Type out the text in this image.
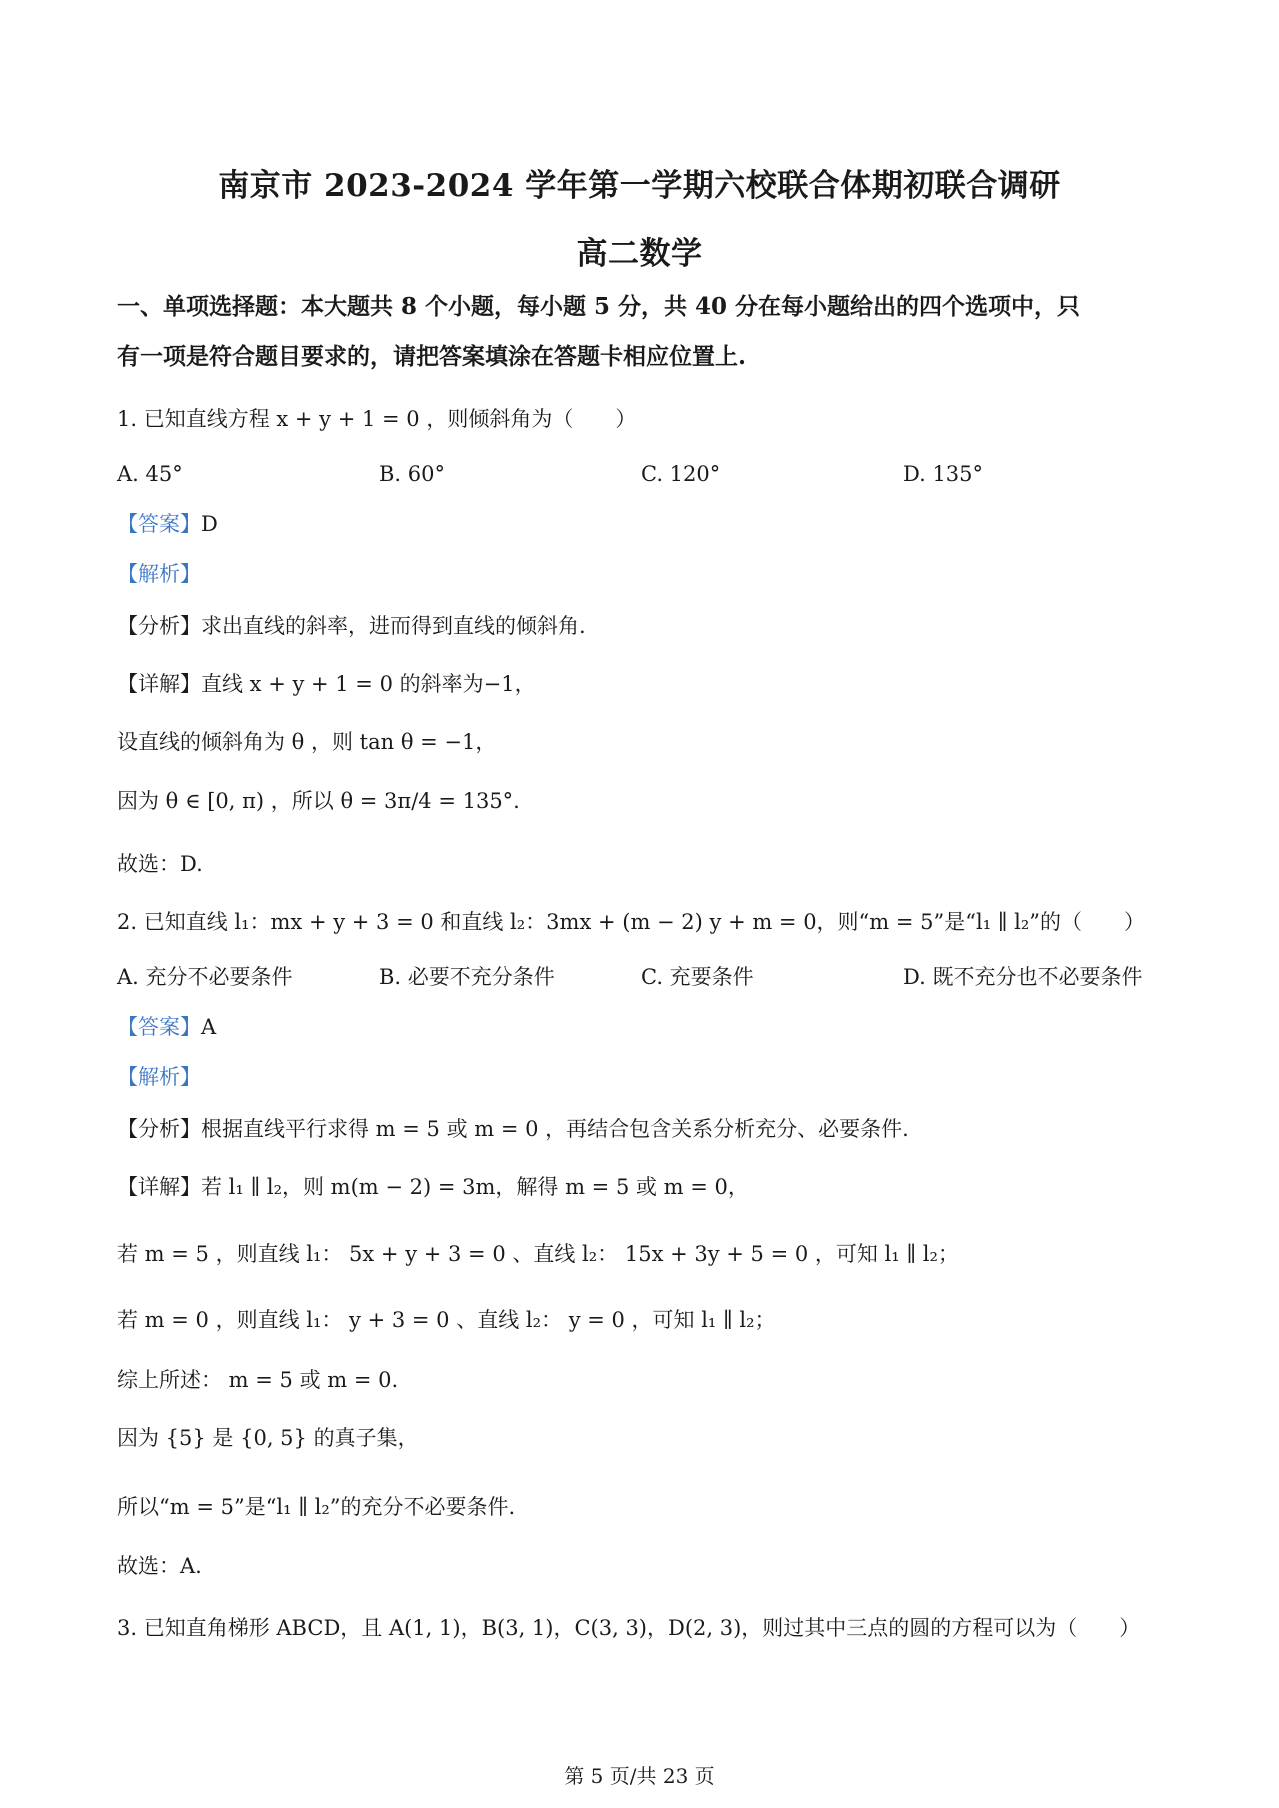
南京市 2023-2024 学年第一学期六校联合体期初联合调研
高二数学
一、单项选择题：本大题共 8 个小题，每小题 5 分，共 40 分在每小题给出的四个选项中，只
有一项是符合题目要求的，请把答案填涂在答题卡相应位置上.
1. 已知直线方程 x + y + 1 = 0 ，则倾斜角为（　　）
A. 45°	B. 60°	C. 120°	D. 135°
【答案】D
【解析】
【分析】求出直线的斜率，进而得到直线的倾斜角.
【详解】直线 x + y + 1 = 0 的斜率为−1，
设直线的倾斜角为 θ ，则 tan θ = −1，
因为 θ ∈ [0, π) ，所以 θ = 3π/4 = 135°.
故选：D.
2. 已知直线 l₁：mx + y + 3 = 0 和直线 l₂：3mx + (m − 2) y + m = 0，则“m = 5”是“l₁ ∥ l₂”的（　　）
A. 充分不必要条件	B. 必要不充分条件	C. 充要条件	D. 既不充分也不必要条件
【答案】A
【解析】
【分析】根据直线平行求得 m = 5 或 m = 0 ，再结合包含关系分析充分、必要条件.
【详解】若 l₁ ∥ l₂，则 m(m − 2) = 3m，解得 m = 5 或 m = 0，
若 m = 5 ，则直线 l₁： 5x + y + 3 = 0 、直线 l₂： 15x + 3y + 5 = 0 ，可知 l₁ ∥ l₂；
若 m = 0 ，则直线 l₁： y + 3 = 0 、直线 l₂： y = 0 ，可知 l₁ ∥ l₂；
综上所述： m = 5 或 m = 0.
因为 {5} 是 {0, 5} 的真子集，
所以“m = 5”是“l₁ ∥ l₂”的充分不必要条件.
故选：A.
3. 已知直角梯形 ABCD，且 A(1, 1)，B(3, 1)，C(3, 3)，D(2, 3)，则过其中三点的圆的方程可以为（　　）
第 5 页/共 23 页
